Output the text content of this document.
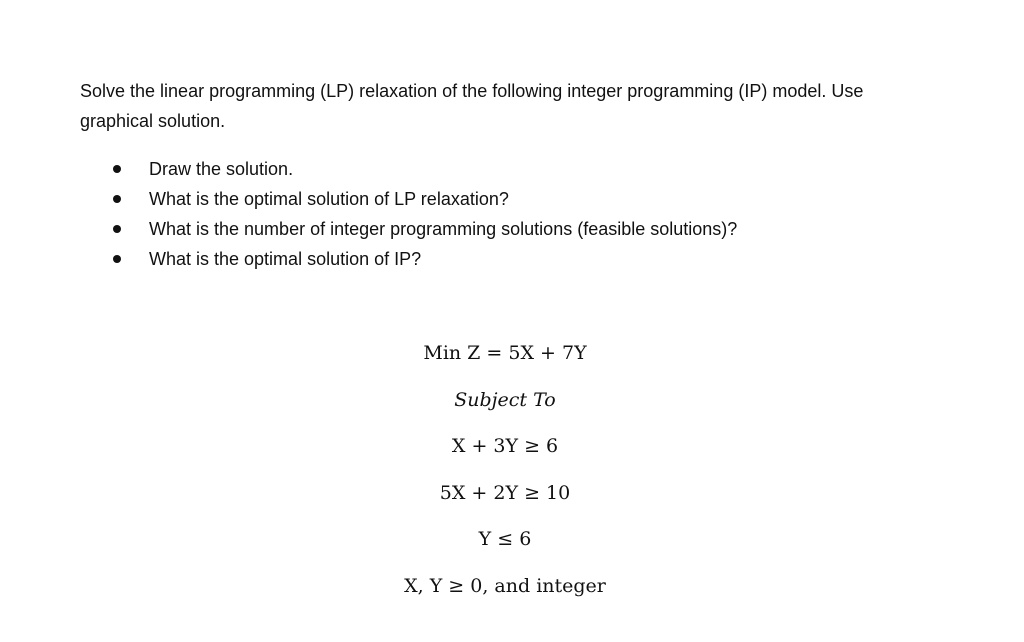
Solve the linear programming (LP) relaxation of the following integer programming (IP) model. Use
graphical solution.

Draw the solution.
What is the optimal solution of LP relaxation?
What is the number of integer programming solutions (feasible solutions)?
What is the optimal solution of IP?
Min Z = 5X + 7Y
Subject To
X + 3Y ≥ 6
5X + 2Y ≥ 10
Y ≤ 6
X, Y ≥ 0, and integer
